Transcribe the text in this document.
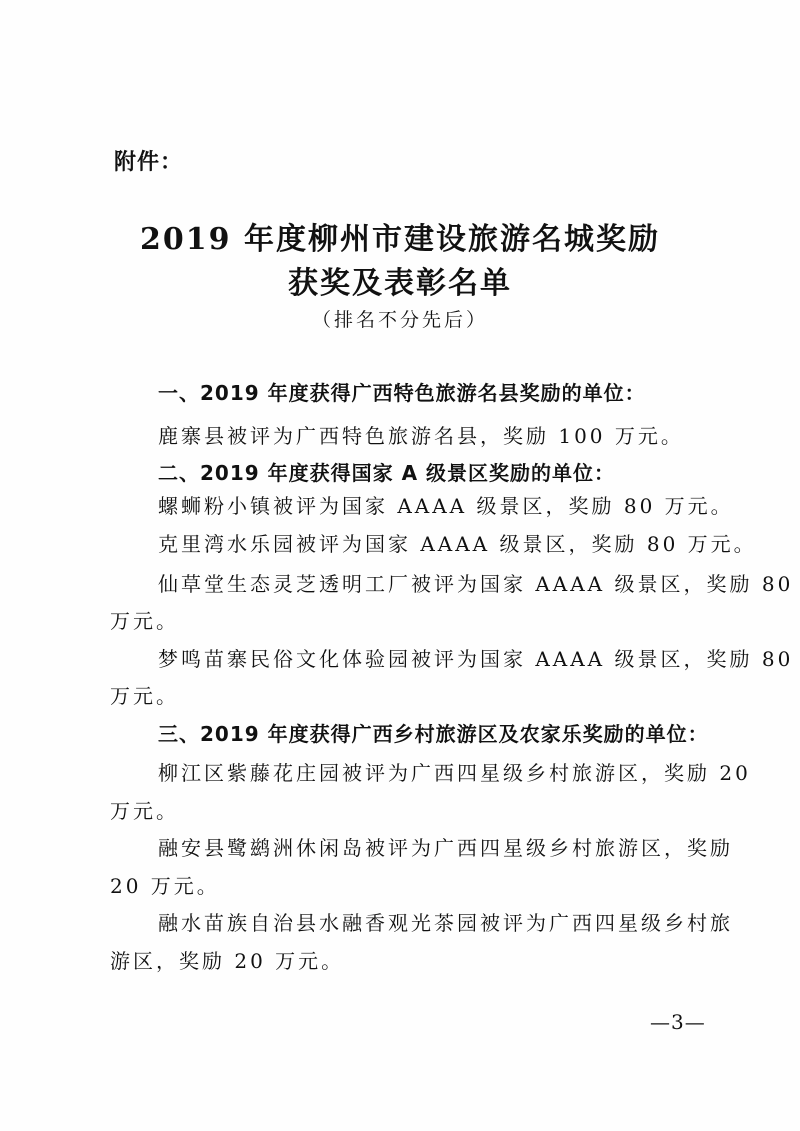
附件：
2019 年度柳州市建设旅游名城奖励
获奖及表彰名单
（排名不分先后）
一、2019 年度获得广西特色旅游名县奖励的单位：
鹿寨县被评为广西特色旅游名县，奖励 100 万元。
二、2019 年度获得国家 A 级景区奖励的单位：
螺蛳粉小镇被评为国家 AAAA 级景区，奖励 80 万元。
克里湾水乐园被评为国家 AAAA 级景区，奖励 80 万元。
仙草堂生态灵芝透明工厂被评为国家 AAAA 级景区，奖励 80
万元。
梦鸣苗寨民俗文化体验园被评为国家 AAAA 级景区，奖励 80
万元。
三、2019 年度获得广西乡村旅游区及农家乐奖励的单位：
柳江区紫藤花庄园被评为广西四星级乡村旅游区，奖励 20
万元。
融安县鹭鹚洲休闲岛被评为广西四星级乡村旅游区，奖励
20 万元。
融水苗族自治县水融香观光茶园被评为广西四星级乡村旅
游区，奖励 20 万元。
—3—
